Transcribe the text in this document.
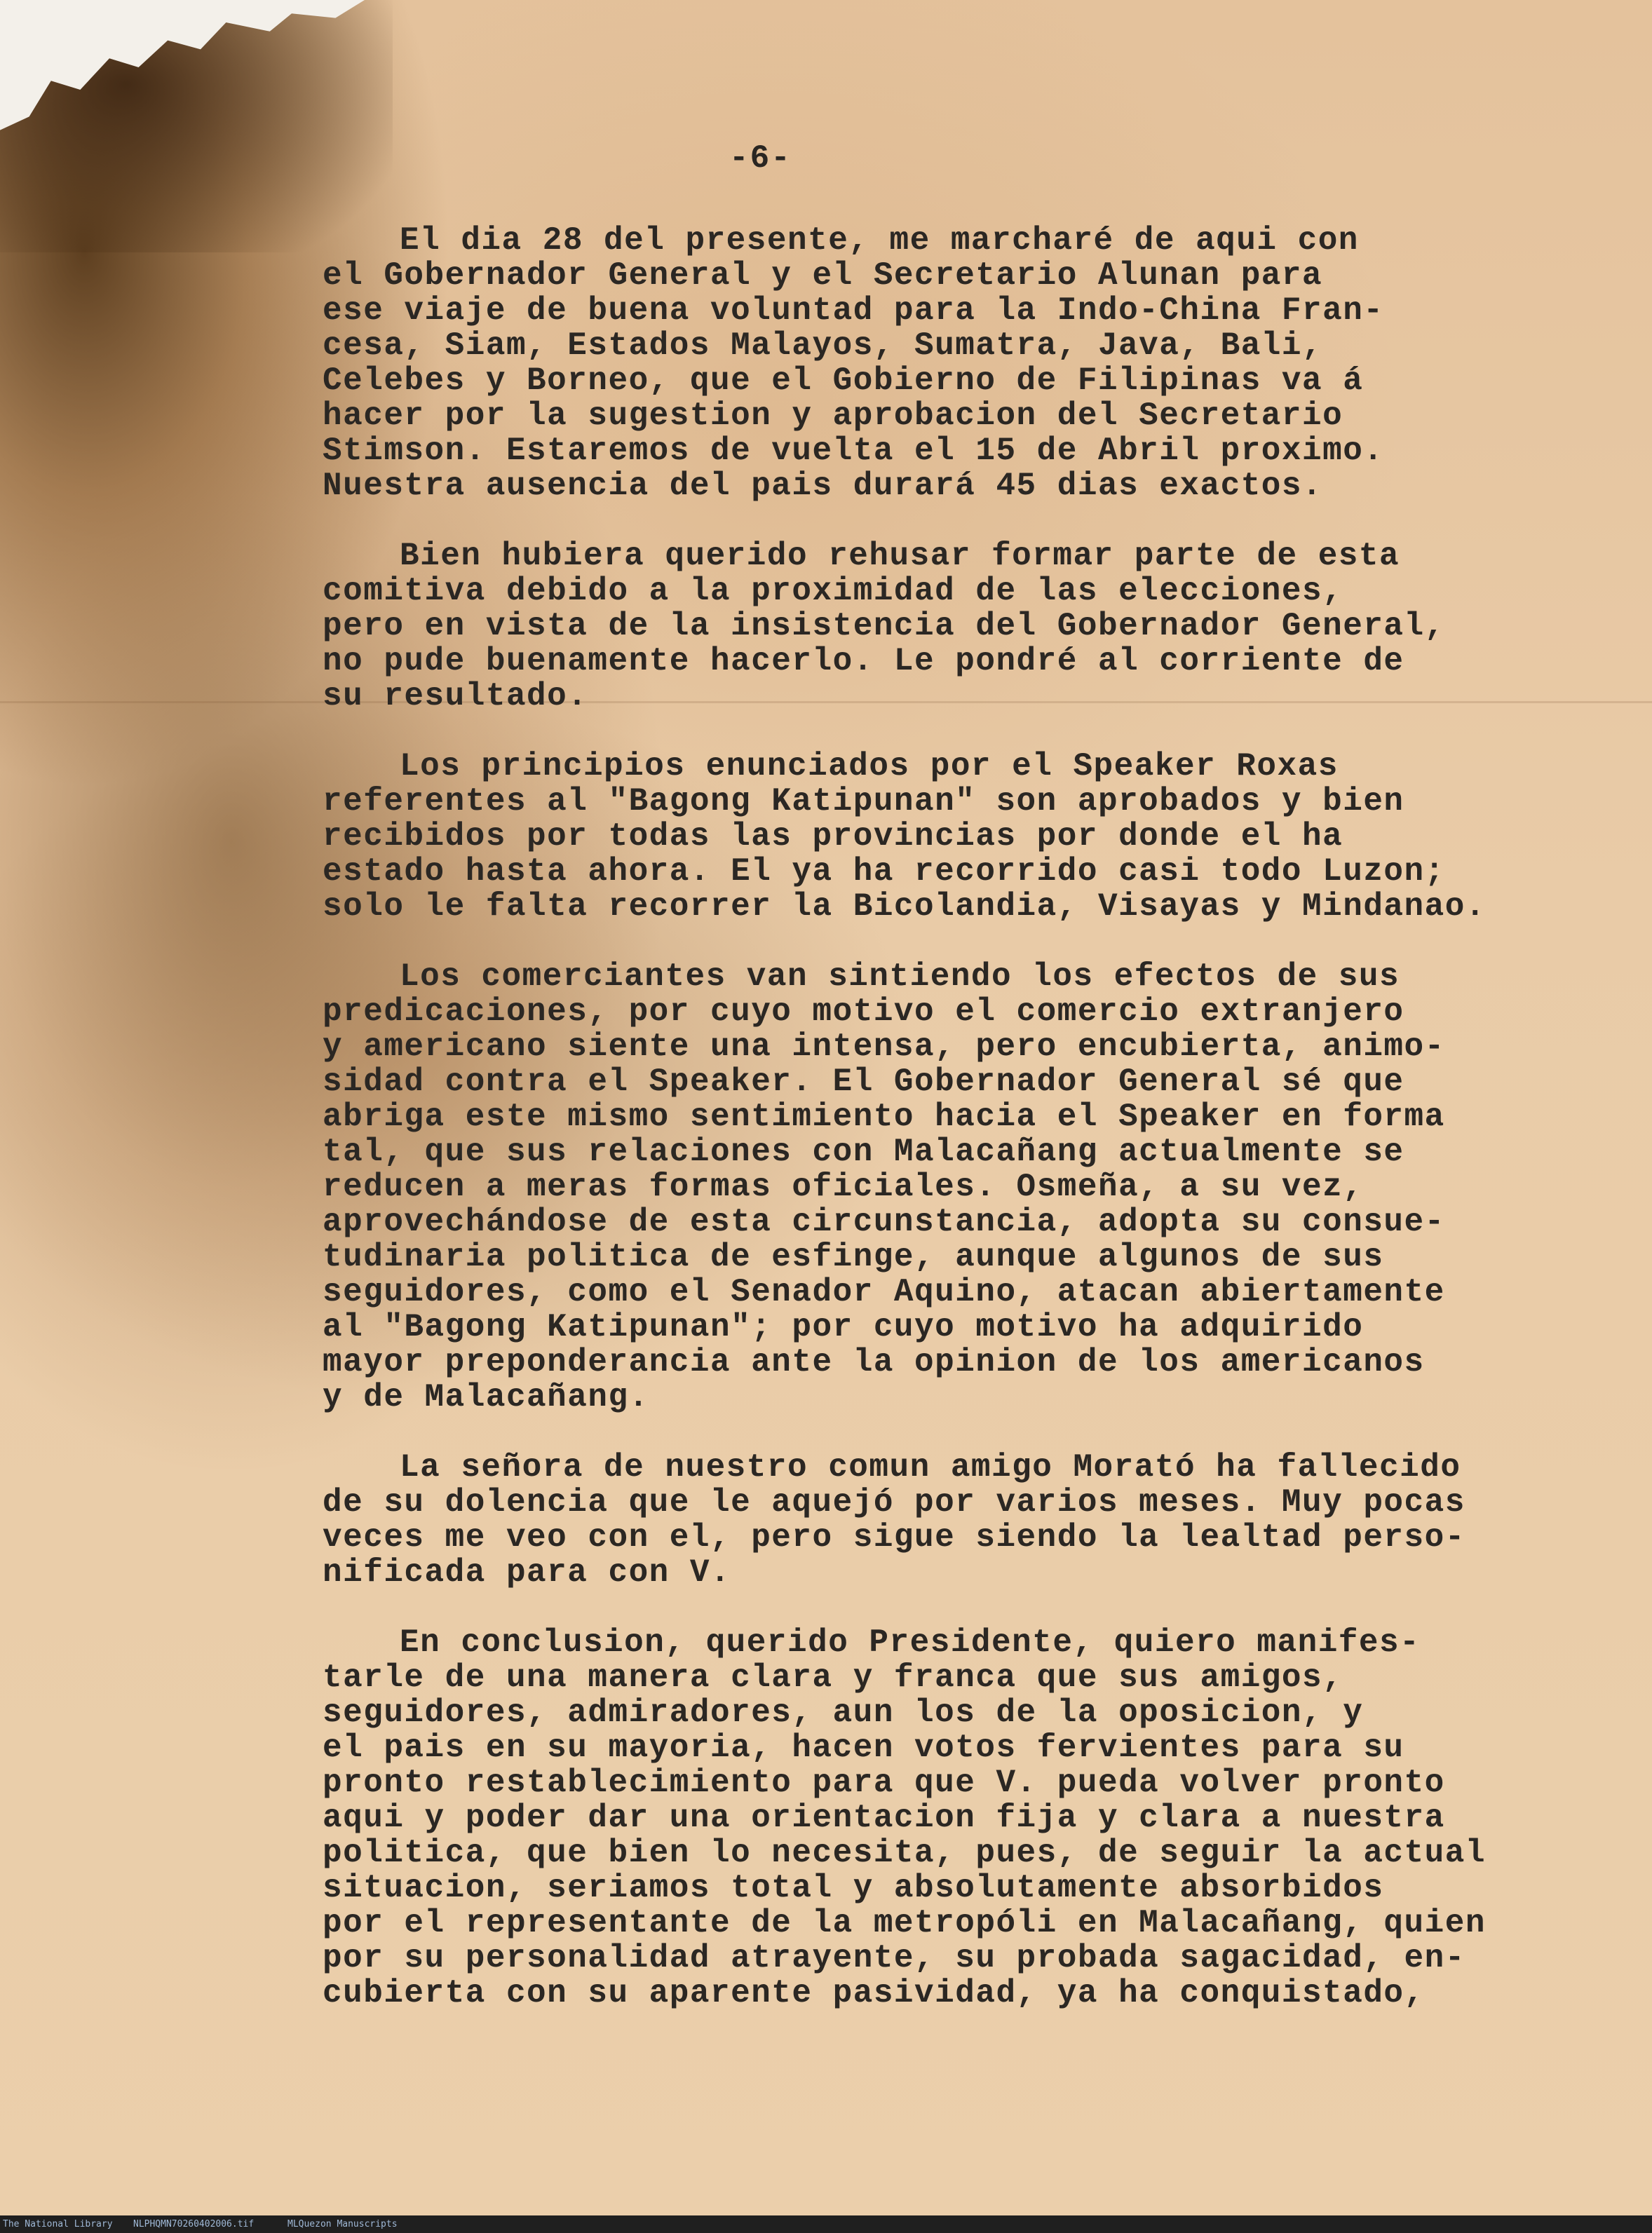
-6-
El dia 28 del presente, me marcharé de aqui con
el Gobernador General y el Secretario Alunan para
ese viaje de buena voluntad para la Indo-China Fran-
cesa, Siam, Estados Malayos, Sumatra, Java, Bali,
Celebes y Borneo, que el Gobierno de Filipinas va á
hacer por la sugestion y aprobacion del Secretario
Stimson. Estaremos de vuelta el 15 de Abril proximo.
Nuestra ausencia del pais durará 45 dias exactos.
Bien hubiera querido rehusar formar parte de esta
comitiva debido a la proximidad de las elecciones,
pero en vista de la insistencia del Gobernador General,
no pude buenamente hacerlo. Le pondré al corriente de
su resultado.
Los principios enunciados por el Speaker Roxas
referentes al "Bagong Katipunan" son aprobados y bien
recibidos por todas las provincias por donde el ha
estado hasta ahora. El ya ha recorrido casi todo Luzon;
solo le falta recorrer la Bicolandia, Visayas y Mindanao.
Los comerciantes van sintiendo los efectos de sus
predicaciones, por cuyo motivo el comercio extranjero
y americano siente una intensa, pero encubierta, animo-
sidad contra el Speaker. El Gobernador General sé que
abriga este mismo sentimiento hacia el Speaker en forma
tal, que sus relaciones con Malacañang actualmente se
reducen a meras formas oficiales. Osmeña, a su vez,
aprovechándose de esta circunstancia, adopta su consue-
tudinaria politica de esfinge, aunque algunos de sus
seguidores, como el Senador Aquino, atacan abiertamente
al "Bagong Katipunan"; por cuyo motivo ha adquirido
mayor preponderancia ante la opinion de los americanos
y de Malacañang.
La señora de nuestro comun amigo Morató ha fallecido
de su dolencia que le aquejó por varios meses. Muy pocas
veces me veo con el, pero sigue siendo la lealtad perso-
nificada para con V.
En conclusion, querido Presidente, quiero manifes-
tarle de una manera clara y franca que sus amigos,
seguidores, admiradores, aun los de la oposicion, y
el pais en su mayoria, hacen votos fervientes para su
pronto restablecimiento para que V. pueda volver pronto
aqui y poder dar una orientacion fija y clara a nuestra
politica, que bien lo necesita, pues, de seguir la actual
situacion, seriamos total y absolutamente absorbidos
por el representante de la metropóli en Malacañang, quien
por su personalidad atrayente, su probada sagacidad, en-
cubierta con su aparente pasividad, ya ha conquistado,
The National Library NLPHQMN70260402006.tif	MLQuezon Manuscripts
